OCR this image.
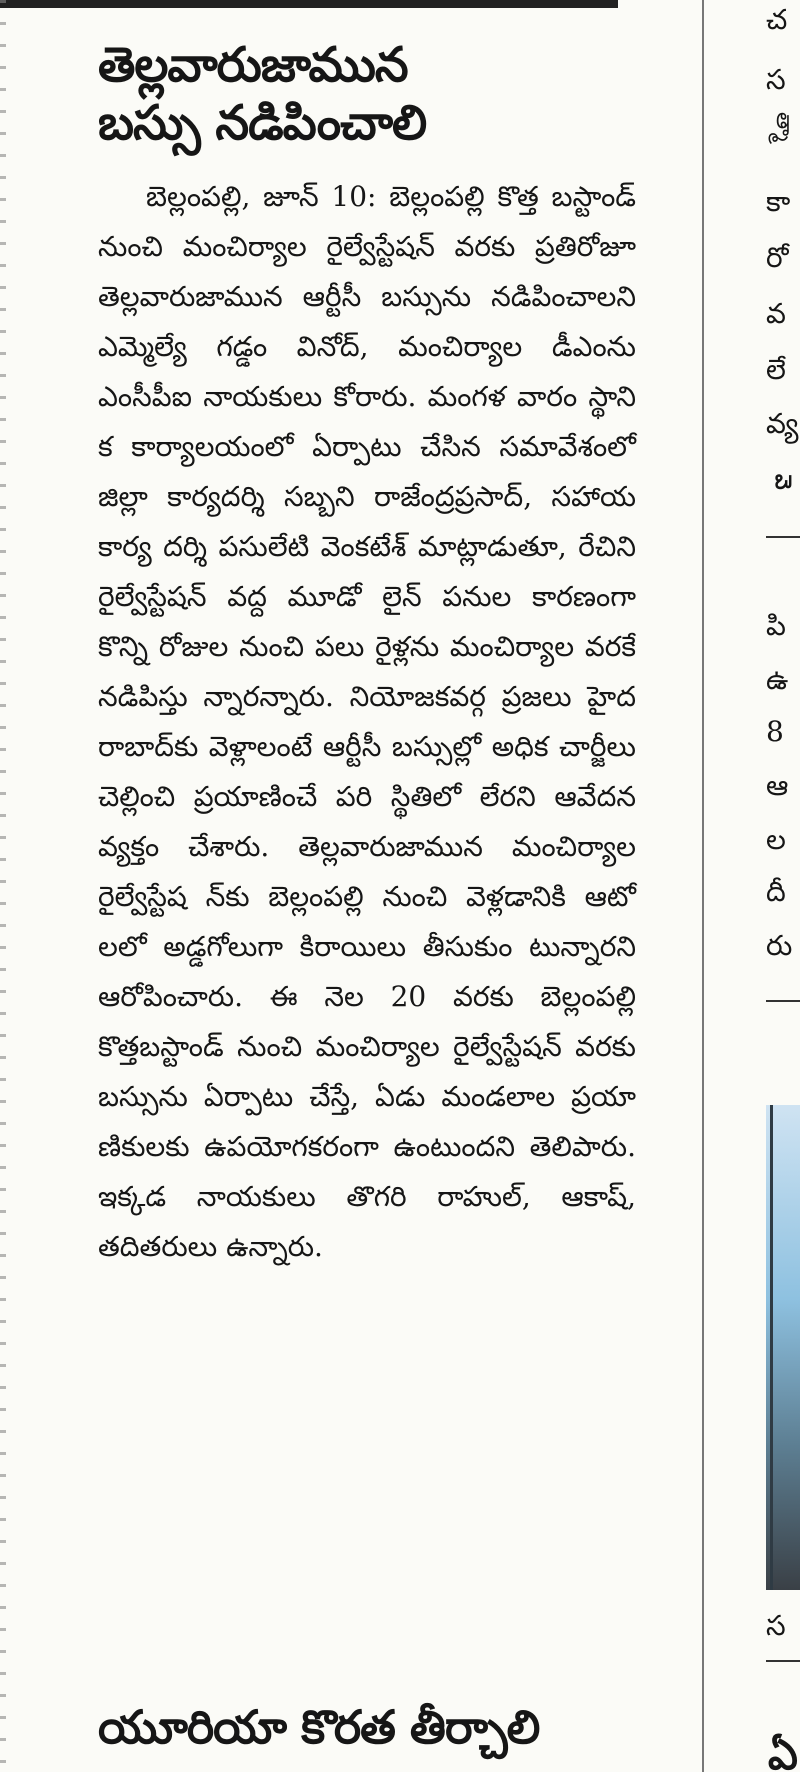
తెల్లవారుజామున
బస్సు నడిపించాలి

బెల్లంపల్లి, జూన్ 10: బెల్లంపల్లి కొత్త బస్టాండ్ నుంచి మంచిర్యాల రైల్వేస్టేషన్ వరకు ప్రతిరోజూ తెల్లవారుజామున ఆర్టీసీ బస్సును నడిపించాలని ఎమ్మెల్యే గడ్డం వినోద్, మంచిర్యాల డీఎంను ఎంసీపీఐ నాయకులు కోరారు. మంగళ వారం స్థాని క కార్యాలయంలో ఏర్పాటు చేసిన సమావేశంలో జిల్లా కార్యదర్శి సబ్బని రాజేంద్రప్రసాద్, సహాయ కార్య దర్శి పసులేటి వెంకటేశ్ మాట్లాడుతూ, రేచిని రైల్వేస్టేషన్ వద్ద మూడో లైన్ పనుల కారణంగా కొన్ని రోజుల నుంచి పలు రైళ్లను మంచిర్యాల వరకే నడిపిస్తు న్నారన్నారు. నియోజకవర్గ ప్రజలు హైద రాబాద్‌కు వెళ్లాలంటే ఆర్టీసీ బస్సుల్లో అధిక చార్జీలు చెల్లించి ప్రయాణించే పరి స్థితిలో లేరని ఆవేదన వ్యక్తం చేశారు. తెల్లవారుజామున మంచిర్యాల రైల్వేస్టేష న్‌కు బెల్లంపల్లి నుంచి వెళ్లడానికి ఆటో లలో అడ్డగోలుగా కిరాయిలు తీసుకుం టున్నారని ఆరోపించారు. ఈ నెల 20 వరకు బెల్లంపల్లి కొత్తబస్టాండ్ నుంచి మంచిర్యాల రైల్వేస్టేషన్ వరకు బస్సును ఏర్పాటు చేస్తే, ఏడు మండలాల ప్రయా ణికులకు ఉపయోగకరంగా ఉంటుందని తెలిపారు. ఇక్కడ నాయకులు తొగరి రాహుల్, ఆకాష్, తదితరులు ఉన్నారు.

యూరియా కొరత తీర్చాలి
చ
స
త్మా
కా
రో
వ
లే
వ్య
వె
పి
ఉ
8
ఆ
ల
దీ
రు
స
ఏ
